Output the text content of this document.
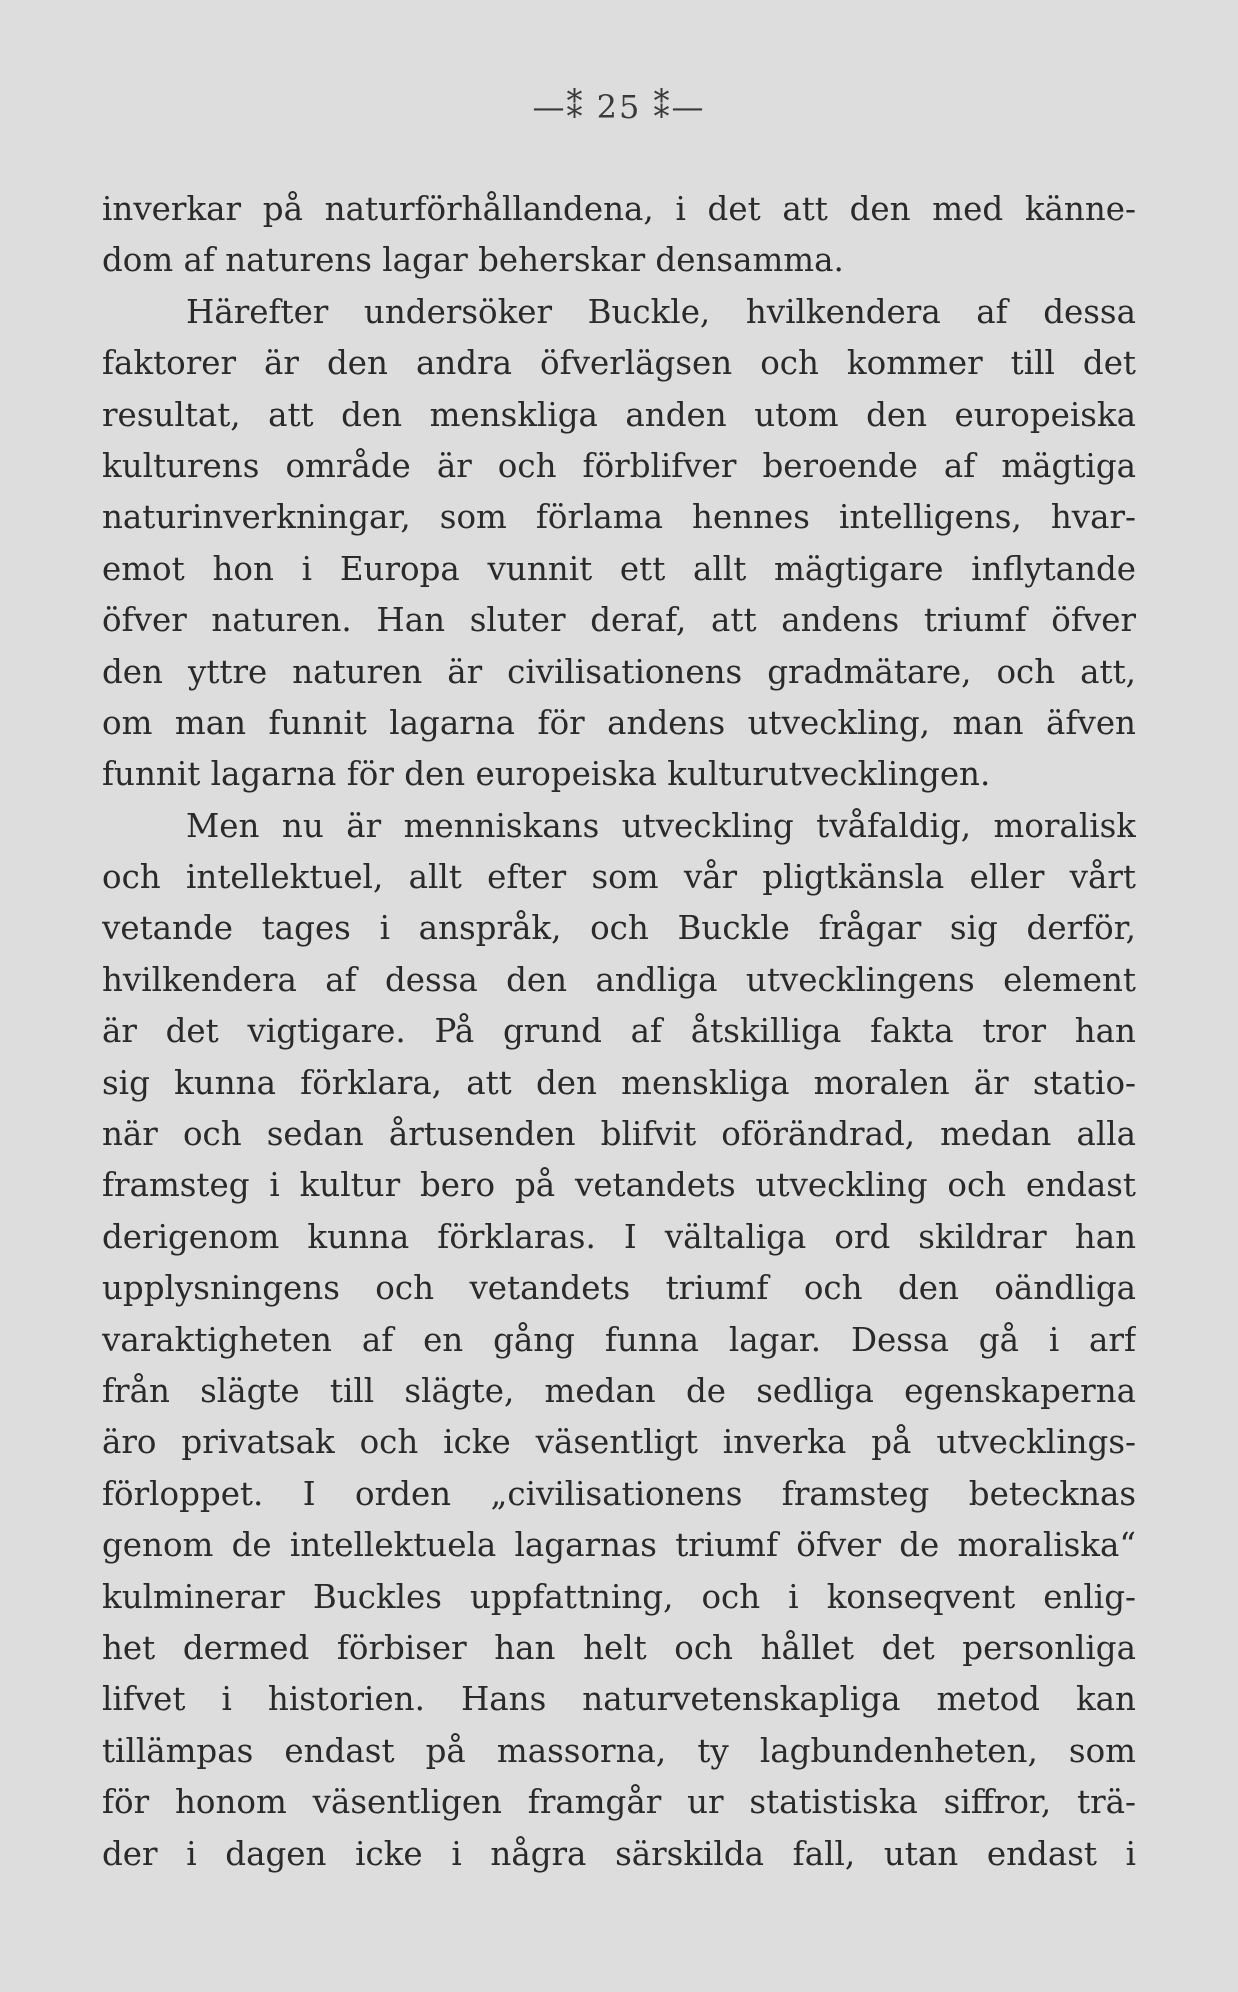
—⁑ 25 ⁑—
inverkar på naturförhållandena, i det att den med känne-
dom af naturens lagar beherskar densamma.
Härefter undersöker Buckle, hvilkendera af dessa
faktorer är den andra öfverlägsen och kommer till det
resultat, att den menskliga anden utom den europeiska
kulturens område är och förblifver beroende af mägtiga
naturinverkningar, som förlama hennes intelligens, hvar-
emot hon i Europa vunnit ett allt mägtigare inflytande
öfver naturen. Han sluter deraf, att andens triumf öfver
den yttre naturen är civilisationens gradmätare, och att,
om man funnit lagarna för andens utveckling, man äfven
funnit lagarna för den europeiska kulturutvecklingen.
Men nu är menniskans utveckling tvåfaldig, moralisk
och intellektuel, allt efter som vår pligtkänsla eller vårt
vetande tages i anspråk, och Buckle frågar sig derför,
hvilkendera af dessa den andliga utvecklingens element
är det vigtigare. På grund af åtskilliga fakta tror han
sig kunna förklara, att den menskliga moralen är statio-
när och sedan årtusenden blifvit oförändrad, medan alla
framsteg i kultur bero på vetandets utveckling och endast
derigenom kunna förklaras. I vältaliga ord skildrar han
upplysningens och vetandets triumf och den oändliga
varaktigheten af en gång funna lagar. Dessa gå i arf
från slägte till slägte, medan de sedliga egenskaperna
äro privatsak och icke väsentligt inverka på utvecklings-
förloppet. I orden „civilisationens framsteg betecknas
genom de intellektuela lagarnas triumf öfver de moraliska“
kulminerar Buckles uppfattning, och i konseqvent enlig-
het dermed förbiser han helt och hållet det personliga
lifvet i historien. Hans naturvetenskapliga metod kan
tillämpas endast på massorna, ty lagbundenheten, som
för honom väsentligen framgår ur statistiska siffror, trä-
der i dagen icke i några särskilda fall, utan endast i
